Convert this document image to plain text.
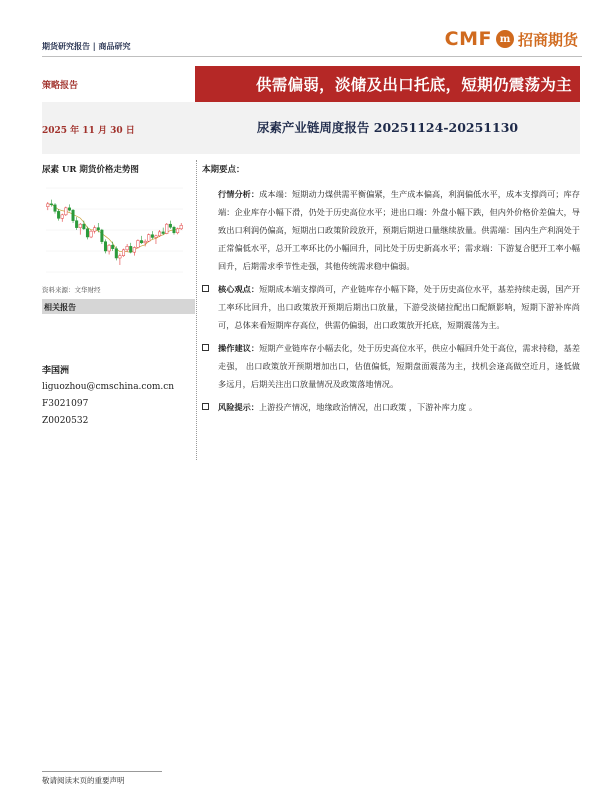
期货研究报告 | 商品研究	CMF m 招商期货
策略报告	供需偏弱，淡储及出口托底，短期仍震荡为主
2025 年 11 月 30 日	尿素产业链周度报告 20251124-20251130
尿素 UR 期货价格走势图
资料来源：文华财经
相关报告
李国洲
liguozhou@cmschina.com.cn
F3021097
Z0020532
本期要点：
行情分析：成本端：短期动力煤供需平衡偏紧，生产成本偏高，利润偏低水平，成本支撑尚可；库存端：企业库存小幅下滑，仍处于历史高位水平；进出口端：外盘小幅下跌，但内外价格价差偏大，导致出口利润仍偏高，短期出口政策阶段放开，预期后期进口量继续放量。供需端：国内生产利润处于正常偏低水平，总开工率环比仍小幅回升，同比处于历史新高水平；需求端：下游复合肥开工率小幅回升，后期需求季节性走强，其他传统需求稳中偏弱。
核心观点：短期成本端支撑尚可，产业链库存小幅下降，处于历史高位水平，基差持续走弱，国产开工率环比回升，出口政策放开预期后期出口放量，下游受淡储拉配出口配额影响，短期下游补库尚可，总体来看短期库存高位，供需仍偏弱，出口政策放开托底，短期震荡为主。
操作建议：短期产业链库存小幅去化，处于历史高位水平，供应小幅回升处于高位，需求持稳，基差走强， 出口政策放开预期增加出口，估值偏低，短期盘面震荡为主，找机会逢高做空近月，逢低做多远月，后期关注出口放量情况及政策落地情况。
风险提示：上游投产情况，地缘政治情况，出口政策 ，下游补库力度 。
敬请阅读末页的重要声明
